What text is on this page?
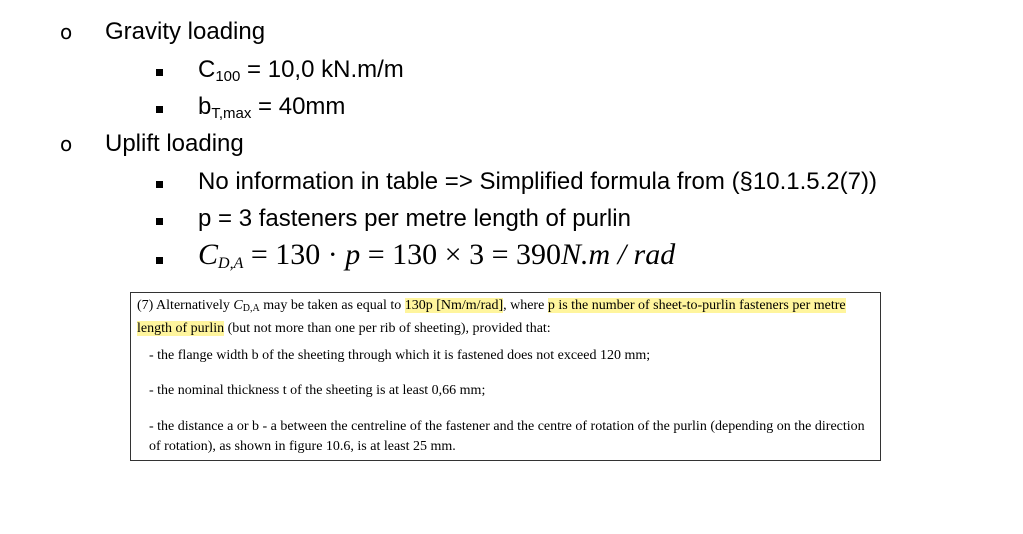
o Gravity loading
$C_{100} = 10,0$ kN.m/m
$b_{T,max} = 40mm$
o Uplift loading
No information in table => Simplified formula from (§10.1.5.2(7))
p = 3 fasteners per metre length of purlin
$C_{D,A} = 130 \cdot p = 130 \times 3 = 390N.m$ / rad

(7) Alternatively $C_{D,A}$ may be taken as equal to 130p [Nm/m/rad], where p is the number of sheet-to-purlin fasteners per metre length of purlin (but not more than one per rib of sheeting), provided that:

- the flange width b of the sheeting through which it is fastened does not exceed 120 mm;

- the nominal thickness t of the sheeting is at least 0,66 mm;

- the distance a or b - a between the centreline of the fastener and the centre of rotation of the purlin (depending on the direction of rotation), as shown in figure 10.6, is at least 25 mm.
